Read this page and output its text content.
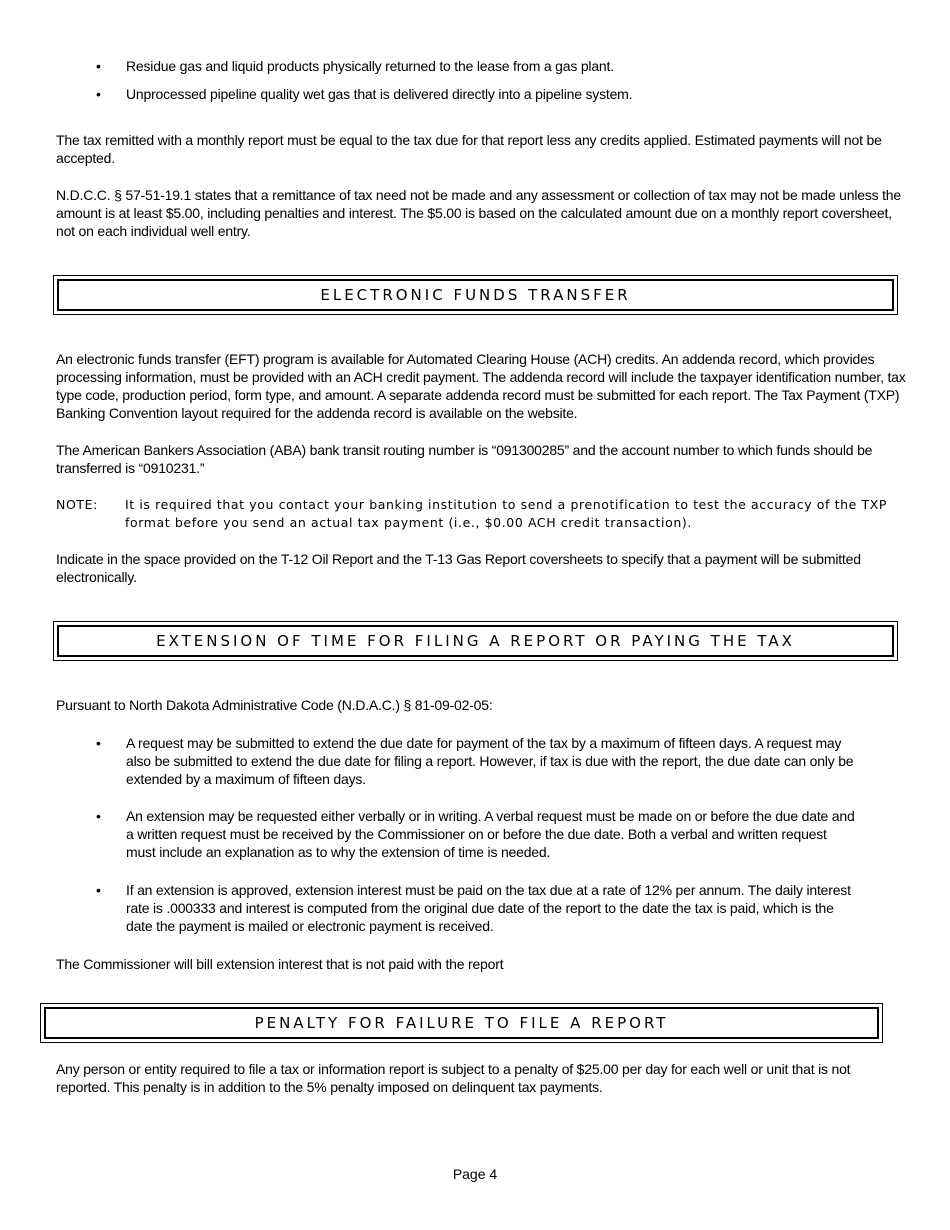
•	Residue gas and liquid products physically returned to the lease from a gas plant.
•	Unprocessed pipeline quality wet gas that is delivered directly into a pipeline system.

The tax remitted with a monthly report must be equal to the tax due for that report less any credits applied. Estimated payments will not be accepted.

N.D.C.C. § 57-51-19.1 states that a remittance of tax need not be made and any assessment or collection of tax may not be made unless the amount is at least $5.00, including penalties and interest. The $5.00 is based on the calculated amount due on a monthly report coversheet, not on each individual well entry.

ELECTRONIC FUNDS TRANSFER

An electronic funds transfer (EFT) program is available for Automated Clearing House (ACH) credits. An addenda record, which provides processing information, must be provided with an ACH credit payment. The addenda record will include the taxpayer identification number, tax type code, production period, form type, and amount. A separate addenda record must be submitted for each report. The Tax Payment (TXP) Banking Convention layout required for the addenda record is available on the website.

The American Bankers Association (ABA) bank transit routing number is “091300285” and the account number to which funds should be transferred is “0910231.”

NOTE: It is required that you contact your banking institution to send a prenotification to test the accuracy of the TXP format before you send an actual tax payment (i.e., $0.00 ACH credit transaction).

Indicate in the space provided on the T-12 Oil Report and the T-13 Gas Report coversheets to specify that a payment will be submitted electronically.

EXTENSION OF TIME FOR FILING A REPORT OR PAYING THE TAX

Pursuant to North Dakota Administrative Code (N.D.A.C.) § 81-09-02-05:

•	A request may be submitted to extend the due date for payment of the tax by a maximum of fifteen days. A request may also be submitted to extend the due date for filing a report. However, if tax is due with the report, the due date can only be extended by a maximum of fifteen days.
•	An extension may be requested either verbally or in writing. A verbal request must be made on or before the due date and a written request must be received by the Commissioner on or before the due date. Both a verbal and written request must include an explanation as to why the extension of time is needed.
•	If an extension is approved, extension interest must be paid on the tax due at a rate of 12% per annum. The daily interest rate is .000333 and interest is computed from the original due date of the report to the date the tax is paid, which is the date the payment is mailed or electronic payment is received.

The Commissioner will bill extension interest that is not paid with the report

PENALTY FOR FAILURE TO FILE A REPORT

Any person or entity required to file a tax or information report is subject to a penalty of $25.00 per day for each well or unit that is not reported. This penalty is in addition to the 5% penalty imposed on delinquent tax payments.

Page 4
